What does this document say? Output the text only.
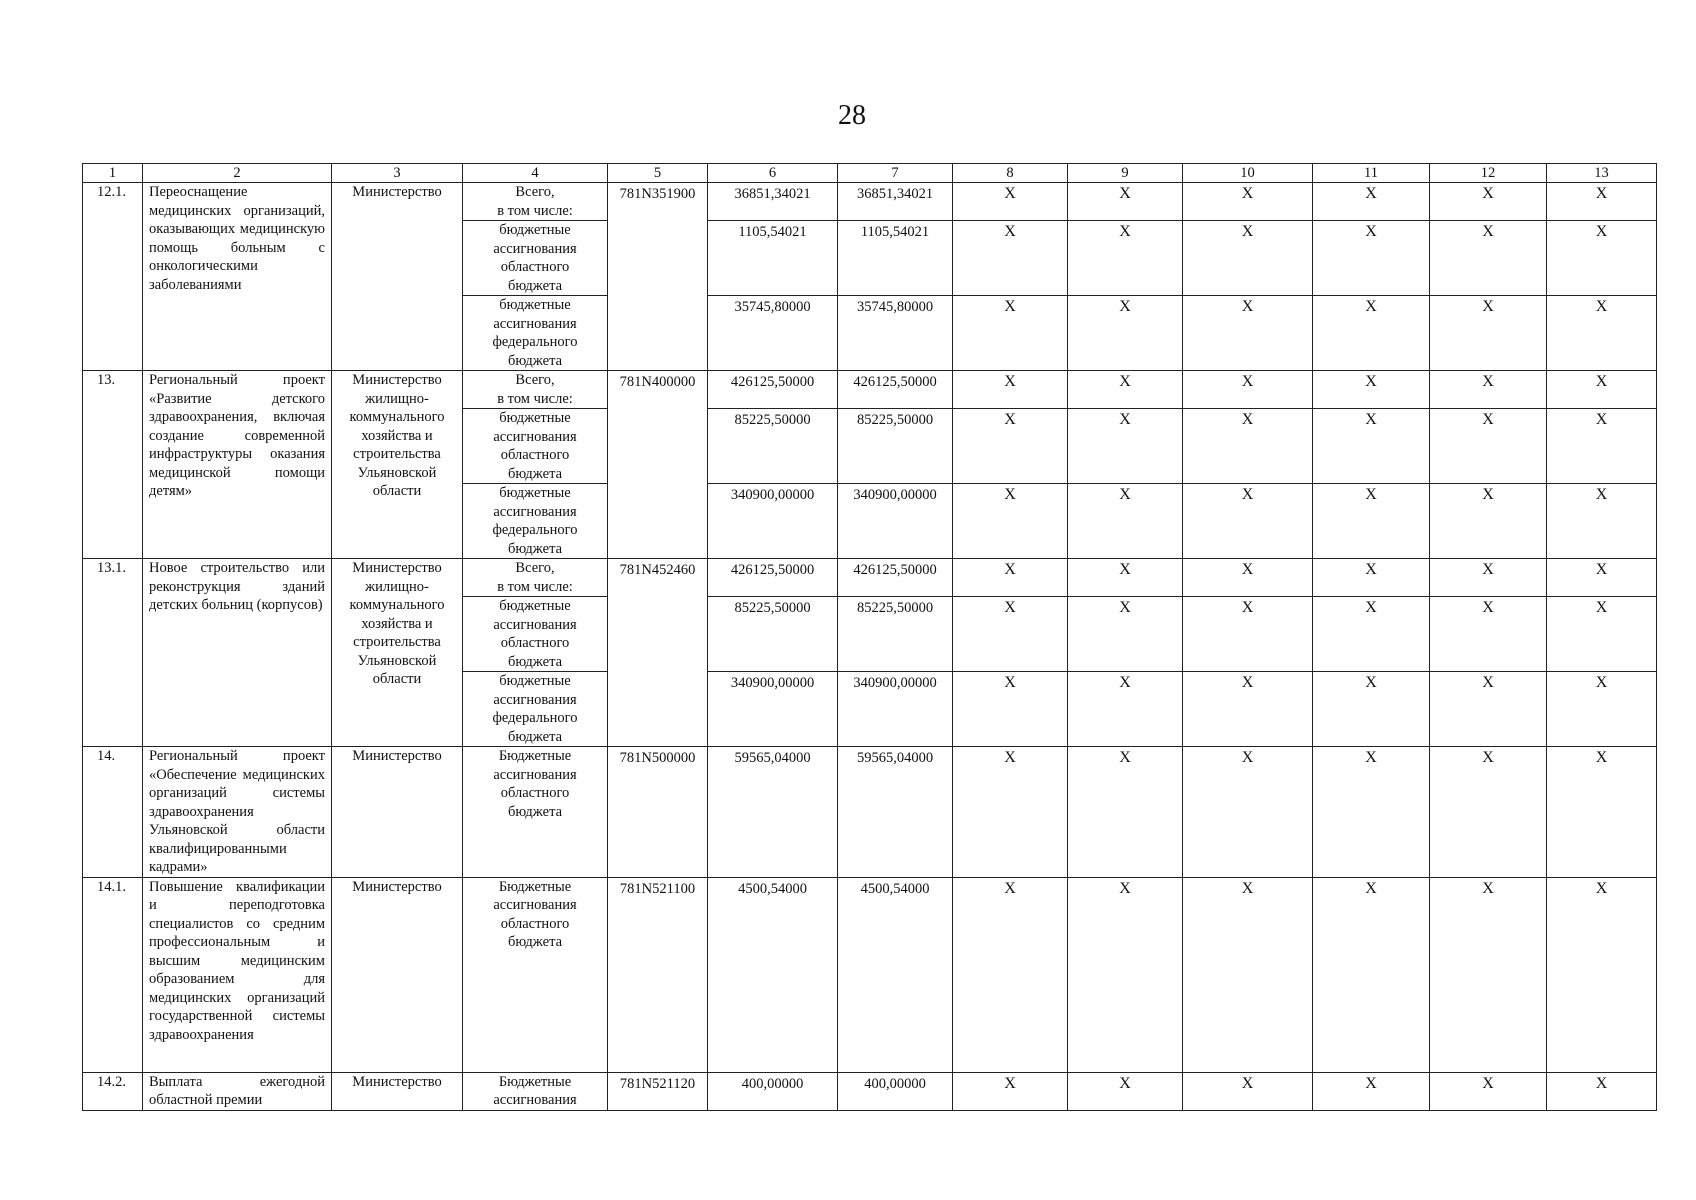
28
1	2	3	4	5	6	7	8	9	10	11	12	13
12.1.	Переоснащение медицинских организаций, оказывающих медицинскую помощь больным с онкологическими заболеваниями	Министерство	Всего,
в том числе:	781N351900	36851,34021	36851,34021	X	X	X	X	X	X
			бюджетные
ассигнования
областного
бюджета		1105,54021	1105,54021	X	X	X	X	X	X
			бюджетные
ассигнования
федерального
бюджета		35745,80000	35745,80000	X	X	X	X	X	X
13.	Региональный проект «Развитие детского здравоохранения, включая создание современной инфраструктуры оказания медицинской помощи детям»	Министерство жилищно-коммунального хозяйства и строительства Ульяновской области	Всего,
в том числе:	781N400000	426125,50000	426125,50000	X	X	X	X	X	X
			бюджетные
ассигнования
областного
бюджета		85225,50000	85225,50000	X	X	X	X	X	X
			бюджетные
ассигнования
федерального
бюджета		340900,00000	340900,00000	X	X	X	X	X	X
13.1.	Новое строительство или реконструкция зданий детских больниц (корпусов)	Министерство жилищно-коммунального хозяйства и строительства Ульяновской области	Всего,
в том числе:	781N452460	426125,50000	426125,50000	X	X	X	X	X	X
			бюджетные
ассигнования
областного
бюджета		85225,50000	85225,50000	X	X	X	X	X	X
			бюджетные
ассигнования
федерального
бюджета		340900,00000	340900,00000	X	X	X	X	X	X
14.	Региональный проект «Обеспечение медицинских организаций системы здравоохранения Ульяновской области квалифицированными кадрами»	Министерство	Бюджетные
ассигнования
областного
бюджета	781N500000	59565,04000	59565,04000	X	X	X	X	X	X
14.1.	Повышение квалификации и переподготовка специалистов со средним профессиональным и высшим медицинским образованием для медицинских организаций государственной системы здравоохранения	Министерство	Бюджетные
ассигнования
областного
бюджета	781N521100	4500,54000	4500,54000	X	X	X	X	X	X
14.2.	Выплата ежегодной областной премии	Министерство	Бюджетные
ассигнования	781N521120	400,00000	400,00000	X	X	X	X	X	X
